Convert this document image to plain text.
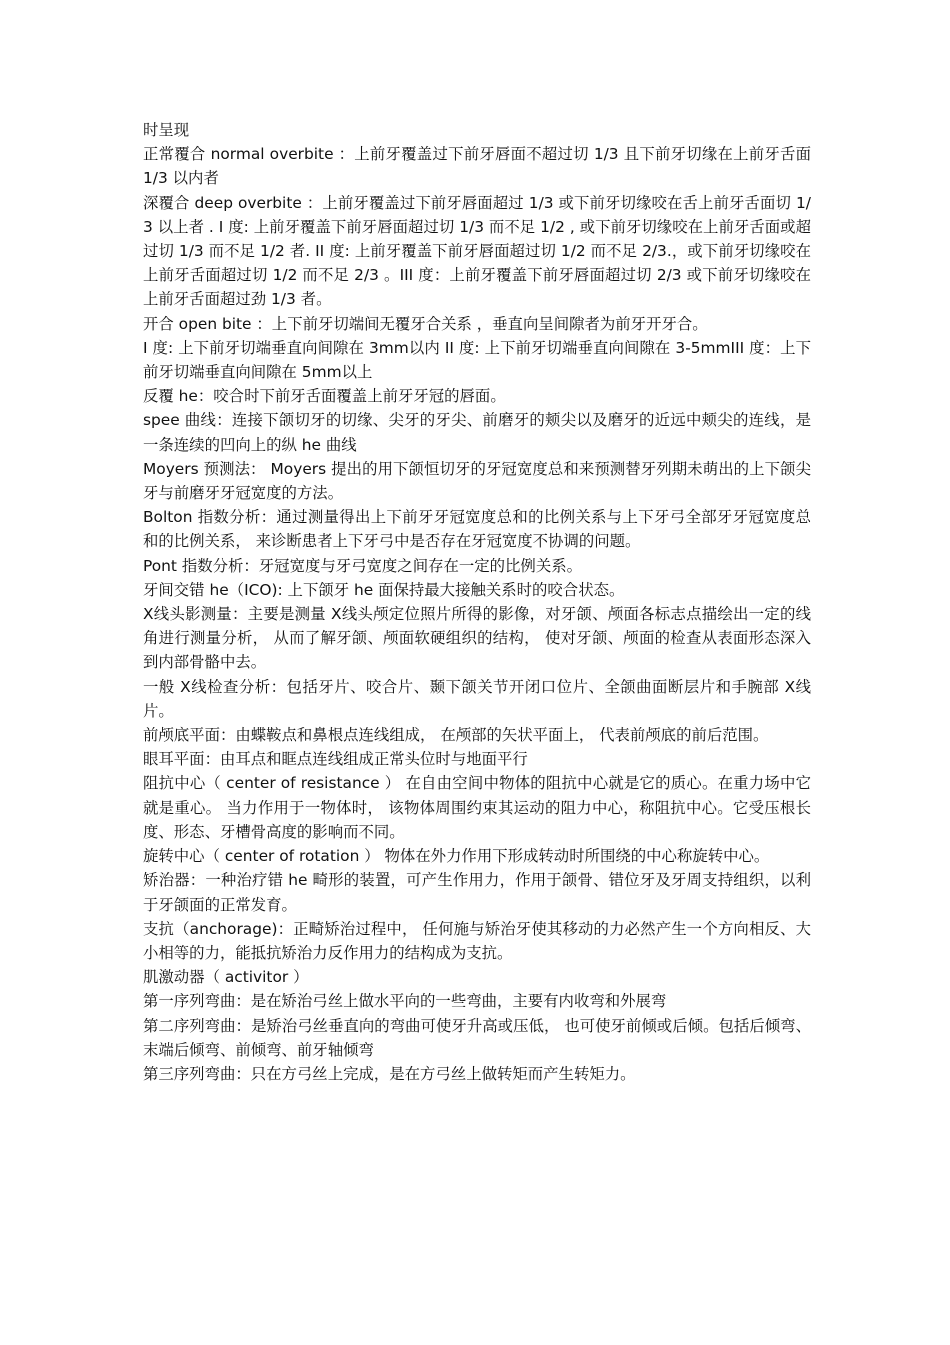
时呈现

正常覆合 normal overbite ：上前牙覆盖过下前牙唇面不超过切 1/3 且下前牙切缘在上前牙舌面 1/3 以内者

深覆合 deep overbite ：上前牙覆盖过下前牙唇面超过 1/3 或下前牙切缘咬在舌上前牙舌面切 1/3 以上者 . I 度: 上前牙覆盖下前牙唇面超过切 1/3 而不足 1/2 , 或下前牙切缘咬在上前牙舌面或超过切 1/3 而不足 1/2 者. II 度: 上前牙覆盖下前牙唇面超过切 1/2 而不足 2/3.，或下前牙切缘咬在上前牙舌面超过切 1/2 而不足 2/3 。III 度：上前牙覆盖下前牙唇面超过切 2/3 或下前牙切缘咬在上前牙舌面超过劲 1/3 者。

开合 open bite ：上下前牙切端间无覆牙合关系 ，垂直向呈间隙者为前牙开牙合。

I 度: 上下前牙切端垂直向间隙在 3mm以内 II 度: 上下前牙切端垂直向间隙在 3-5mmIII 度：上下前牙切端垂直向间隙在 5mm以上

反覆 he：咬合时下前牙舌面覆盖上前牙牙冠的唇面。

spee 曲线：连接下颌切牙的切缘、尖牙的牙尖、前磨牙的颊尖以及磨牙的近远中颊尖的连线，是一条连续的凹向上的纵 he 曲线

Moyers 预测法： Moyers 提出的用下颌恒切牙的牙冠宽度总和来预测替牙列期未萌出的上下颌尖牙与前磨牙牙冠宽度的方法。

Bolton 指数分析：通过测量得出上下前牙牙冠宽度总和的比例关系与上下牙弓全部牙牙冠宽度总和的比例关系， 来诊断患者上下牙弓中是否存在牙冠宽度不协调的问题。

Pont 指数分析：牙冠宽度与牙弓宽度之间存在一定的比例关系。

牙间交错 he（ICO): 上下颌牙 he 面保持最大接触关系时的咬合状态。

X线头影测量：主要是测量 X线头颅定位照片所得的影像，对牙颌、颅面各标志点描绘出一定的线角进行测量分析， 从而了解牙颌、颅面软硬组织的结构， 使对牙颌、颅面的检查从表面形态深入到内部骨骼中去。

一般 X线检查分析：包括牙片、咬合片、颞下颌关节开闭口位片、全颌曲面断层片和手腕部 X线片。

前颅底平面：由蝶鞍点和鼻根点连线组成， 在颅部的矢状平面上， 代表前颅底的前后范围。

眼耳平面：由耳点和眶点连线组成正常头位时与地面平行

阻抗中心（ center of resistance ） 在自由空间中物体的阻抗中心就是它的质心。在重力场中它就是重心。 当力作用于一物体时， 该物体周围约束其运动的阻力中心，称阻抗中心。它受压根长度、形态、牙槽骨高度的影响而不同。

旋转中心（ center of rotation ） 物体在外力作用下形成转动时所围绕的中心称旋转中心。

矫治器：一种治疗错 he 畸形的装置，可产生作用力，作用于颌骨、错位牙及牙周支持组织，以利于牙颌面的正常发育。

支抗（anchorage)：正畸矫治过程中， 任何施与矫治牙使其移动的力必然产生一个方向相反、大小相等的力，能抵抗矫治力反作用力的结构成为支抗。

肌激动器（ activitor ）

第一序列弯曲：是在矫治弓丝上做水平向的一些弯曲，主要有内收弯和外展弯

第二序列弯曲：是矫治弓丝垂直向的弯曲可使牙升高或压低， 也可使牙前倾或后倾。包括后倾弯、末端后倾弯、前倾弯、前牙轴倾弯

第三序列弯曲：只在方弓丝上完成，是在方弓丝上做转矩而产生转矩力。
